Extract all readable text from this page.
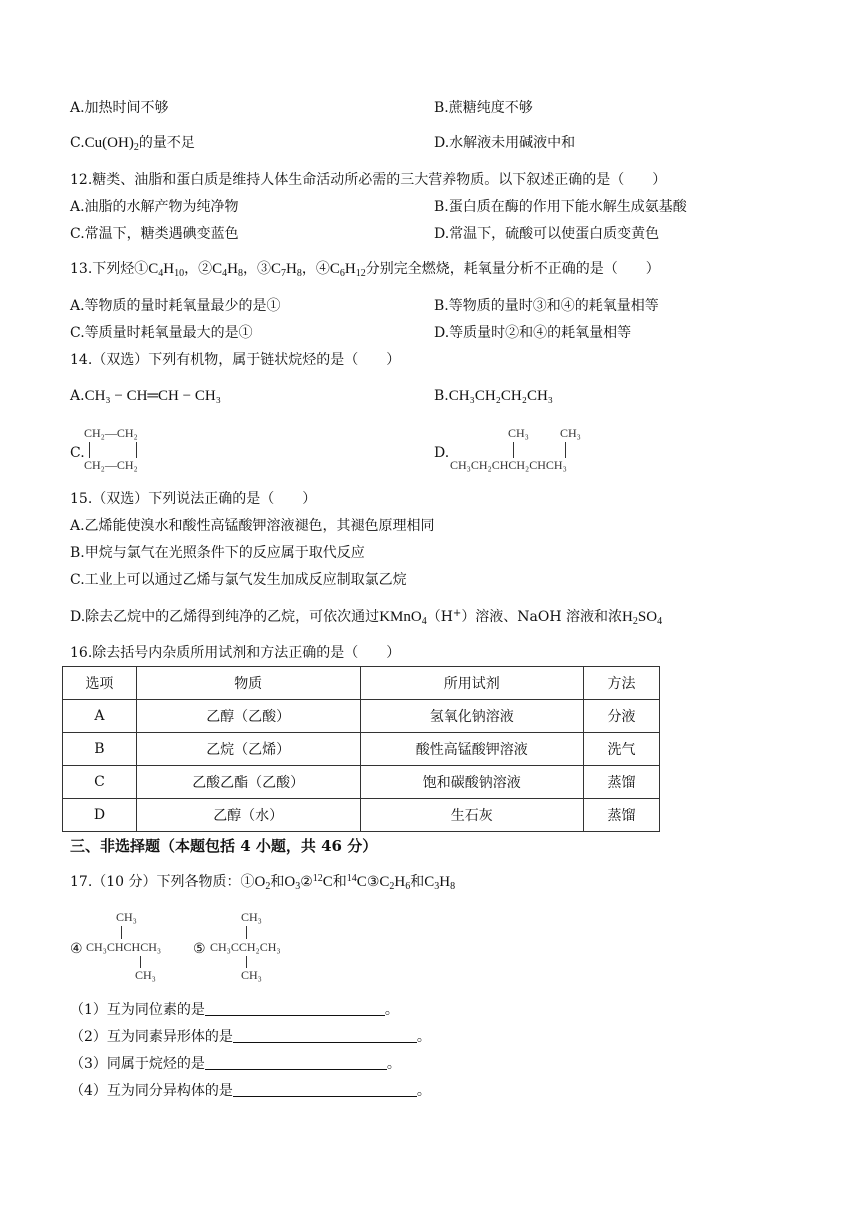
A.加热时间不够	B.蔗糖纯度不够
$C.Cu(OH)_2$的量不足	D.水解液未用碱液中和
12.糖类、油脂和蛋白质是维持人体生命活动所必需的三大营养物质。以下叙述正确的是（　　）
A.油脂的水解产物为纯净物	B.蛋白质在酶的作用下能水解生成氨基酸
C.常温下，糖类遇碘变蓝色	D.常温下，硫酸可以使蛋白质变黄色
13.下列烃$①C_4H_{10}$，$②C_4H_8$，$③C_7H_8$，$④C_6H_{12}$分别完全燃烧，耗氧量分析不正确的是（　　）
A.等物质的量时耗氧量最少的是①	B.等物质的量时③和④的耗氧量相等
C.等质量时耗氧量最大的是①	D.等质量时②和④的耗氧量相等
14.（双选）下列有机物，属于链状烷烃的是（　　）
A.CH₃ − CH═CH − CH₃	B.CH₃CH₂CH₂CH₃
C.
CH₂—CH₂
CH₂—CH₂
D.
CH₃	CH₃
CH₃CH₂CHCH₂CHCH₃
15.（双选）下列说法正确的是（　　）
A.乙烯能使溴水和酸性高锰酸钾溶液褪色，其褪色原理相同
B.甲烷与氯气在光照条件下的反应属于取代反应
C.工业上可以通过乙烯与氯气发生加成反应制取氯乙烷
D.除去乙烷中的乙烯得到纯净的乙烷，可依次通过KMnO$_4$（H+）溶液、NaOH 溶液和浓$H_2SO_4$
16.除去括号内杂质所用试剂和方法正确的是（　　）
选项	物质	所用试剂	方法
A	乙醇（乙酸）	氢氧化钠溶液	分液
B	乙烷（乙烯）	酸性高锰酸钾溶液	洗气
C	乙酸乙酯（乙酸）	饱和碳酸钠溶液	蒸馏
D	乙醇（水）	生石灰	蒸馏
三、非选择题（本题包括 4 小题，共 46 分）
17.（10 分）下列各物质：$①O_2$和$O_3②^{12}C$和$^{14}C③C_2H_6$和$C_3H_8$
④
CH₃
CH₃CHCHCH₃
CH₃
⑤
CH₃
CH₃CCH₂CH₃
CH₃
（1）互为同位素的是	。
（2）互为同素异形体的是	。
（3）同属于烷烃的是	。
（4）互为同分异构体的是	。
